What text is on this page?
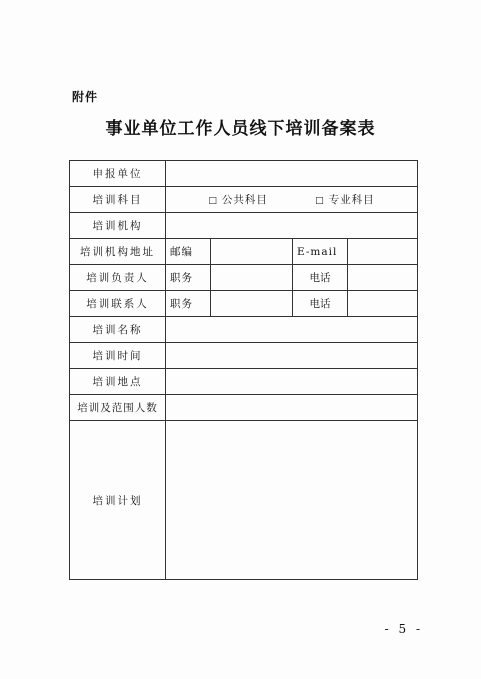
附件
事业单位工作人员线下培训备案表
申报单位				
培训科目	□ 公共科目 □ 专业科目			
培训机构				
培训机构地址	邮编		E-mail	
培训负责人	职务		电话	
培训联系人	职务		电话	
培训名称				
培训时间				
培训地点				
培训及范围人数				
培训计划				
- 5 -
